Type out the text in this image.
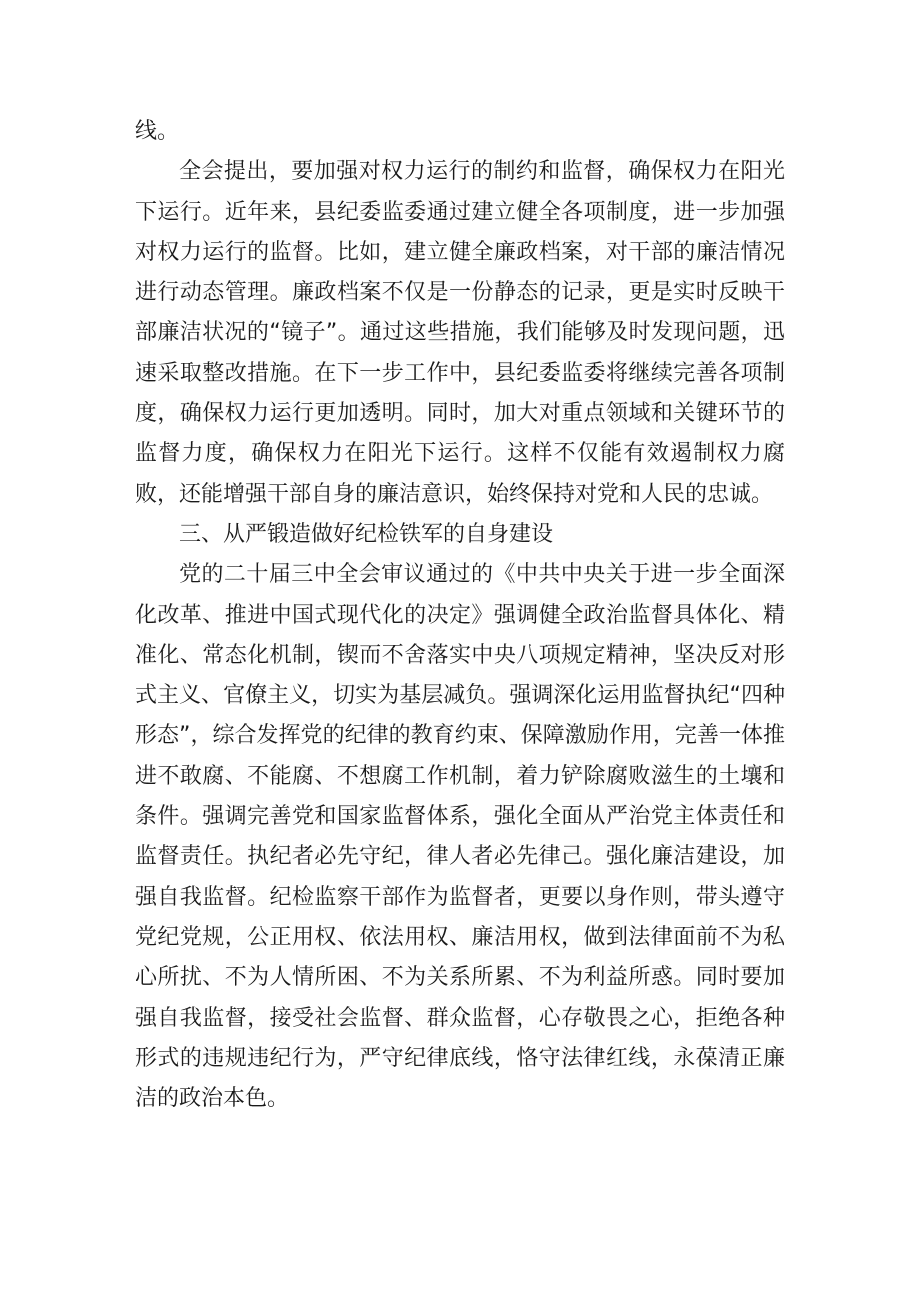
线。

全会提出，要加强对权力运行的制约和监督，确保权力在阳光下运行。近年来，县纪委监委通过建立健全各项制度，进一步加强对权力运行的监督。比如，建立健全廉政档案，对干部的廉洁情况进行动态管理。廉政档案不仅是一份静态的记录，更是实时反映干部廉洁状况的“镜子”。通过这些措施，我们能够及时发现问题，迅速采取整改措施。在下一步工作中，县纪委监委将继续完善各项制度，确保权力运行更加透明。同时，加大对重点领域和关键环节的监督力度，确保权力在阳光下运行。这样不仅能有效遏制权力腐败，还能增强干部自身的廉洁意识，始终保持对党和人民的忠诚。

三、从严锻造做好纪检铁军的自身建设

党的二十届三中全会审议通过的《中共中央关于进一步全面深化改革、推进中国式现代化的决定》强调健全政治监督具体化、精准化、常态化机制，锲而不舍落实中央八项规定精神，坚决反对形式主义、官僚主义，切实为基层减负。强调深化运用监督执纪“四种形态”，综合发挥党的纪律的教育约束、保障激励作用，完善一体推进不敢腐、不能腐、不想腐工作机制，着力铲除腐败滋生的土壤和条件。强调完善党和国家监督体系，强化全面从严治党主体责任和监督责任。执纪者必先守纪，律人者必先律己。强化廉洁建设，加强自我监督。纪检监察干部作为监督者，更要以身作则，带头遵守党纪党规，公正用权、依法用权、廉洁用权，做到法律面前不为私心所扰、不为人情所困、不为关系所累、不为利益所惑。同时要加强自我监督，接受社会监督、群众监督，心存敬畏之心，拒绝各种形式的违规违纪行为，严守纪律底线，恪守法律红线，永葆清正廉洁的政治本色。
